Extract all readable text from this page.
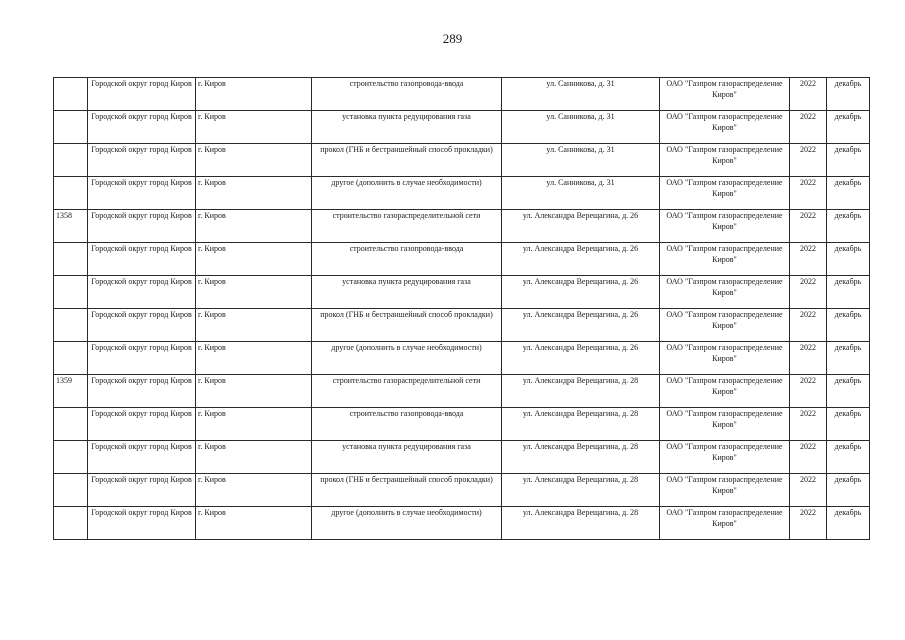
289

	Городской округ город Киров	г. Киров	строительство газопровода-ввода	ул. Санникова, д. 31	ОАО "Газпром газораспределение Киров"	2022	декабрь

	Городской округ город Киров	г. Киров	установка пункта редуцирования газа	ул. Санникова, д. 31	ОАО "Газпром газораспределение Киров"	2022	декабрь

	Городской округ город Киров	г. Киров	прокол (ГНБ и бестраншейный способ прокладки)	ул. Санникова, д. 31	ОАО "Газпром газораспределение Киров"	2022	декабрь

	Городской округ город Киров	г. Киров	другое (дополнить в случае необходимости)	ул. Санникова, д. 31	ОАО "Газпром газораспределение Киров"	2022	декабрь

1358	Городской округ город Киров	г. Киров	строительство газораспределительной сети	ул. Александра Верещагина, д. 26	ОАО "Газпром газораспределение Киров"	2022	декабрь

	Городской округ город Киров	г. Киров	строительство газопровода-ввода	ул. Александра Верещагина, д. 26	ОАО "Газпром газораспределение Киров"	2022	декабрь

	Городской округ город Киров	г. Киров	установка пункта редуцирования газа	ул. Александра Верещагина, д. 26	ОАО "Газпром газораспределение Киров"	2022	декабрь

	Городской округ город Киров	г. Киров	прокол (ГНБ и бестраншейный способ прокладки)	ул. Александра Верещагина, д. 26	ОАО "Газпром газораспределение Киров"	2022	декабрь

	Городской округ город Киров	г. Киров	другое (дополнить в случае необходимости)	ул. Александра Верещагина, д. 26	ОАО "Газпром газораспределение Киров"	2022	декабрь

1359	Городской округ город Киров	г. Киров	строительство газораспределительной сети	ул. Александра Верещагина, д. 28	ОАО "Газпром газораспределение Киров"	2022	декабрь

	Городской округ город Киров	г. Киров	строительство газопровода-ввода	ул. Александра Верещагина, д. 28	ОАО "Газпром газораспределение Киров"	2022	декабрь

	Городской округ город Киров	г. Киров	установка пункта редуцирования газа	ул. Александра Верещагина, д. 28	ОАО "Газпром газораспределение Киров"	2022	декабрь

	Городской округ город Киров	г. Киров	прокол (ГНБ и бестраншейный способ прокладки)	ул. Александра Верещагина, д. 28	ОАО "Газпром газораспределение Киров"	2022	декабрь

	Городской округ город Киров	г. Киров	другое (дополнить в случае необходимости)	ул. Александра Верещагина, д. 28	ОАО "Газпром газораспределение Киров"	2022	декабрь
